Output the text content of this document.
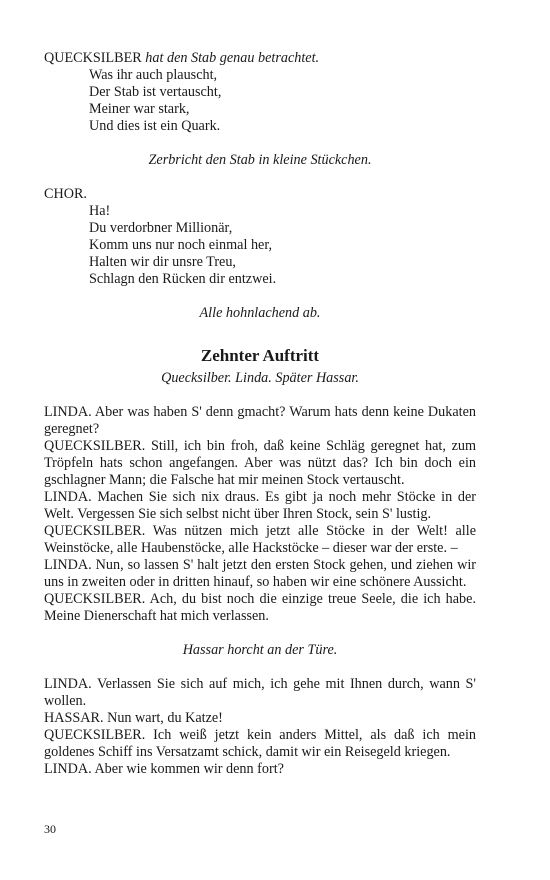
QUECKSILBER hat den Stab genau betrachtet.
Was ihr auch plauscht,
Der Stab ist vertauscht,
Meiner war stark,
Und dies ist ein Quark.
Zerbricht den Stab in kleine Stückchen.
CHOR.
Ha!
Du verdorbner Millionär,
Komm uns nur noch einmal her,
Halten wir dir unsre Treu,
Schlagn den Rücken dir entzwei.
Alle hohnlachend ab.
Zehnter Auftritt
Quecksilber. Linda. Später Hassar.
LINDA. Aber was haben S' denn gmacht? Warum hats denn keine Dukaten geregnet?
QUECKSILBER. Still, ich bin froh, daß keine Schläg geregnet hat, zum Tröpfeln hats schon angefangen. Aber was nützt das? Ich bin doch ein gschlagner Mann; die Falsche hat mir meinen Stock vertauscht.
LINDA. Machen Sie sich nix draus. Es gibt ja noch mehr Stöcke in der Welt. Vergessen Sie sich selbst nicht über Ihren Stock, sein S' lustig.
QUECKSILBER. Was nützen mich jetzt alle Stöcke in der Welt! alle Weinstöcke, alle Haubenstöcke, alle Hackstöcke – dieser war der erste. –
LINDA. Nun, so lassen S' halt jetzt den ersten Stock gehen, und ziehen wir uns in zweiten oder in dritten hinauf, so haben wir eine schönere Aussicht.
QUECKSILBER. Ach, du bist noch die einzige treue Seele, die ich habe. Meine Dienerschaft hat mich verlassen.
Hassar horcht an der Türe.
LINDA. Verlassen Sie sich auf mich, ich gehe mit Ihnen durch, wann S' wollen.
HASSAR. Nun wart, du Katze!
QUECKSILBER. Ich weiß jetzt kein anders Mittel, als daß ich mein goldenes Schiff ins Versatzamt schick, damit wir ein Reisegeld kriegen.
LINDA. Aber wie kommen wir denn fort?
30
